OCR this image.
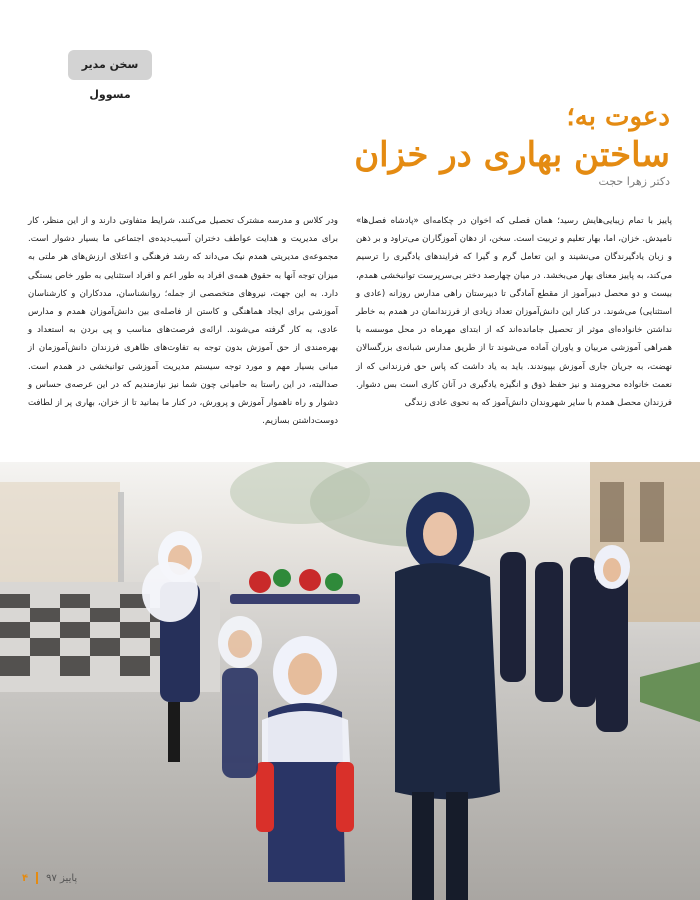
سخن مدیر مسوول
دعوت به؛
ساختن بهاری در خزان
دکتر زهرا حجت
پاییز با تمام زیبایی‌هایش رسید؛ همان فصلی که اخوان در چکامه‌ای «پادشاه فصل‌ها» نامیدش. خزان، اما، بهار تعلیم و تربیت است. سخن، از دهان آموزگاران می‌تراود و بر ذهن و زبان یادگیرندگان می‌نشیند و این تعامل گرم و گیرا که فرایندهای یادگیری را ترسیم می‌کند، به پاییز معنای بهار می‌بخشد. در میان چهارصد دختر بی‌سرپرست توانبخشی همدم، بیست و دو محصل دبیرآموز از مقطع آمادگی تا دبیرستان راهی مدارس روزانه (عادی و استثنایی) می‌شوند. در کنار این دانش‌آموزان تعداد زیادی از فرزندانمان در همدم به خاطر نداشتن خانواده‌ای موثر از تحصیل جامانده‌اند که از ابتدای مهرماه در محل موسسه با همراهی آموزشی مربیان و یاوران آماده می‌شوند تا از طریق مدارس شبانه‌ی بزرگسالان نهضت، به جریان جاری آموزش بپیوندند. باید به یاد داشت که پاس حق فرزندانی که از نعمت خانواده محرومند و نیز حفظ ذوق و انگیزه یادگیری در آنان کاری است بس دشوار. فرزندان محصل همدم با سایر شهروندان دانش‌آموز که به نحوی عادی زندگی
ودر کلاس و مدرسه مشترک تحصیل می‌کنند، شرایط متفاوتی دارند و از این منظر، کار برای مدیریت و هدایت عواطف دختران آسیب‌دیده‌ی اجتماعی ما بسیار دشوار است. مجموعه‌ی مدیریتی همدم نیک می‌داند که رشد فرهنگی و اعتلای ارزش‌های هر ملتی به میزان توجه آنها به حقوق همه‌ی افراد به طور اعم و افراد استثنایی به طور خاص بستگی دارد. به این جهت، نیروهای متخصصی از جمله؛ روانشناسان، مددکاران و کارشناسان آموزشی برای ایجاد هماهنگی و کاستن از فاصله‌ی بین دانش‌آموزان همدم و مدارس عادی، به کار گرفته می‌شوند. ارائه‌ی فرصت‌های مناسب و پی بردن به استعداد و بهره‌مندی از حق آموزش بدون توجه به تفاوت‌های ظاهری فرزندان دانش‌آموزمان از مبانی بسیار مهم و مورد توجه سیستم مدیریت آموزشی توانبخشی در همدم است. صدالبته، در این راستا به حامیانی چون شما نیز نیازمندیم که در این عرصه‌ی حساس و دشوار و راه ناهموار آموزش و پرورش، در کنار ما بمانید تا از خزان، بهاری پر از لطافت دوست‌داشتن بسازیم.
پاییز ۹۷
۴
